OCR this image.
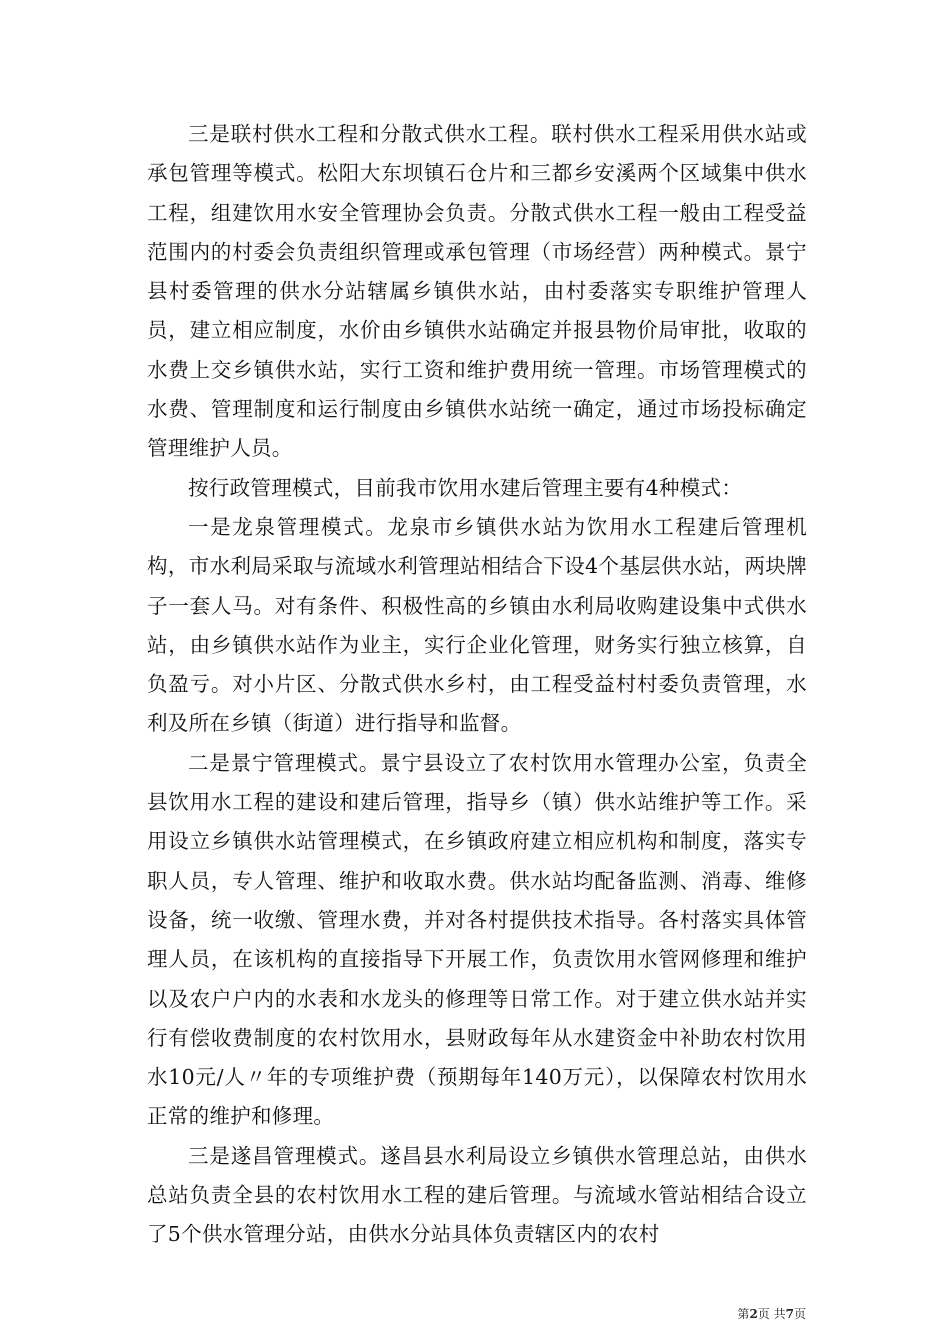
三是联村供水工程和分散式供水工程。联村供水工程采用供水站或承包管理等模式。松阳大东坝镇石仓片和三都乡安溪两个区域集中供水工程，组建饮用水安全管理协会负责。分散式供水工程一般由工程受益范围内的村委会负责组织管理或承包管理（市场经营）两种模式。景宁县村委管理的供水分站辖属乡镇供水站，由村委落实专职维护管理人员，建立相应制度，水价由乡镇供水站确定并报县物价局审批，收取的水费上交乡镇供水站，实行工资和维护费用统一管理。市场管理模式的水费、管理制度和运行制度由乡镇供水站统一确定，通过市场投标确定管理维护人员。

按行政管理模式，目前我市饮用水建后管理主要有4种模式：

一是龙泉管理模式。龙泉市乡镇供水站为饮用水工程建后管理机构，市水利局采取与流域水利管理站相结合下设4个基层供水站，两块牌子一套人马。对有条件、积极性高的乡镇由水利局收购建设集中式供水站，由乡镇供水站作为业主，实行企业化管理，财务实行独立核算，自负盈亏。对小片区、分散式供水乡村，由工程受益村村委负责管理，水利及所在乡镇（街道）进行指导和监督。

二是景宁管理模式。景宁县设立了农村饮用水管理办公室，负责全县饮用水工程的建设和建后管理，指导乡（镇）供水站维护等工作。采用设立乡镇供水站管理模式，在乡镇政府建立相应机构和制度，落实专职人员，专人管理、维护和收取水费。供水站均配备监测、消毒、维修设备，统一收缴、管理水费，并对各村提供技术指导。各村落实具体管理人员，在该机构的直接指导下开展工作，负责饮用水管网修理和维护以及农户户内的水表和水龙头的修理等日常工作。对于建立供水站并实行有偿收费制度的农村饮用水，县财政每年从水建资金中补助农村饮用水10元/人〃年的专项维护费（预期每年140万元），以保障农村饮用水正常的维护和修理。

三是遂昌管理模式。遂昌县水利局设立乡镇供水管理总站，由供水总站负责全县的农村饮用水工程的建后管理。与流域水管站相结合设立了5个供水管理分站，由供水分站具体负责辖区内的农村

第2页 共7页
